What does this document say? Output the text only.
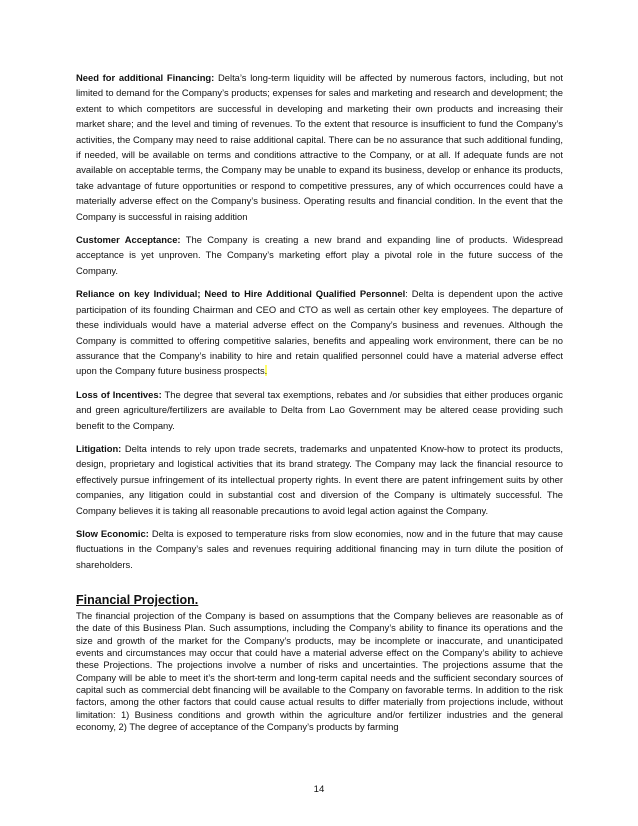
Need for additional Financing: Delta’s long-term liquidity will be affected by numerous factors, including, but not limited to demand for the Company’s products; expenses for sales and marketing and research and development; the extent to which competitors are successful in developing and marketing their own products and increasing their market share; and the level and timing of revenues. To the extent that resource is insufficient to fund the Company’s activities, the Company may need to raise additional capital. There can be no assurance that such additional funding, if needed, will be available on terms and conditions attractive to the Company, or at all. If adequate funds are not available on acceptable terms, the Company may be unable to expand its business, develop or enhance its products, take advantage of future opportunities or respond to competitive pressures, any of which occurrences could have a materially adverse effect on the Company’s business. Operating results and financial condition. In the event that the Company is successful in raising addition

Customer Acceptance: The Company is creating a new brand and expanding line of products. Widespread acceptance is yet unproven. The Company’s marketing effort play a pivotal role in the future success of the Company.

Reliance on key Individual; Need to Hire Additional Qualified Personnel: Delta is dependent upon the active participation of its founding Chairman and CEO and CTO as well as certain other key employees. The departure of these individuals would have a material adverse effect on the Company’s business and revenues. Although the Company is committed to offering competitive salaries, benefits and appealing work environment, there can be no assurance that the Company’s inability to hire and retain qualified personnel could have a material adverse effect upon the Company future business prospects.

Loss of Incentives: The degree that several tax exemptions, rebates and /or subsidies that either produces organic and green agriculture/fertilizers are available to Delta from Lao Government may be altered cease providing such benefit to the Company.

Litigation: Delta intends to rely upon trade secrets, trademarks and unpatented Know-how to protect its products, design, proprietary and logistical activities that its brand strategy. The Company may lack the financial resource to effectively pursue infringement of its intellectual property rights. In event there are patent infringement suits by other companies, any litigation could in substantial cost and diversion of the Company is ultimately successful. The Company believes it is taking all reasonable precautions to avoid legal action against the Company.

Slow Economic: Delta is exposed to temperature risks from slow economies, now and in the future that may cause fluctuations in the Company’s sales and revenues requiring additional financing may in turn dilute the position of shareholders.

Financial Projection.

The financial projection of the Company is based on assumptions that the Company believes are reasonable as of the date of this Business Plan. Such assumptions, including the Company’s ability to finance its operations and the size and growth of the market for the Company’s products, may be incomplete or inaccurate, and unanticipated events and circumstances may occur that could have a material adverse effect on the Company’s ability to achieve these Projections. The projections involve a number of risks and uncertainties. The projections assume that the Company will be able to meet it’s the short-term and long-term capital needs and the sufficient secondary sources of capital such as commercial debt financing will be available to the Company on favorable terms. In addition to the risk factors, among the other factors that could cause actual results to differ materially from projections include, without limitation: 1) Business conditions and growth within the agriculture and/or fertilizer industries and the general economy, 2) The degree of acceptance of the Company’s products by farming

14
